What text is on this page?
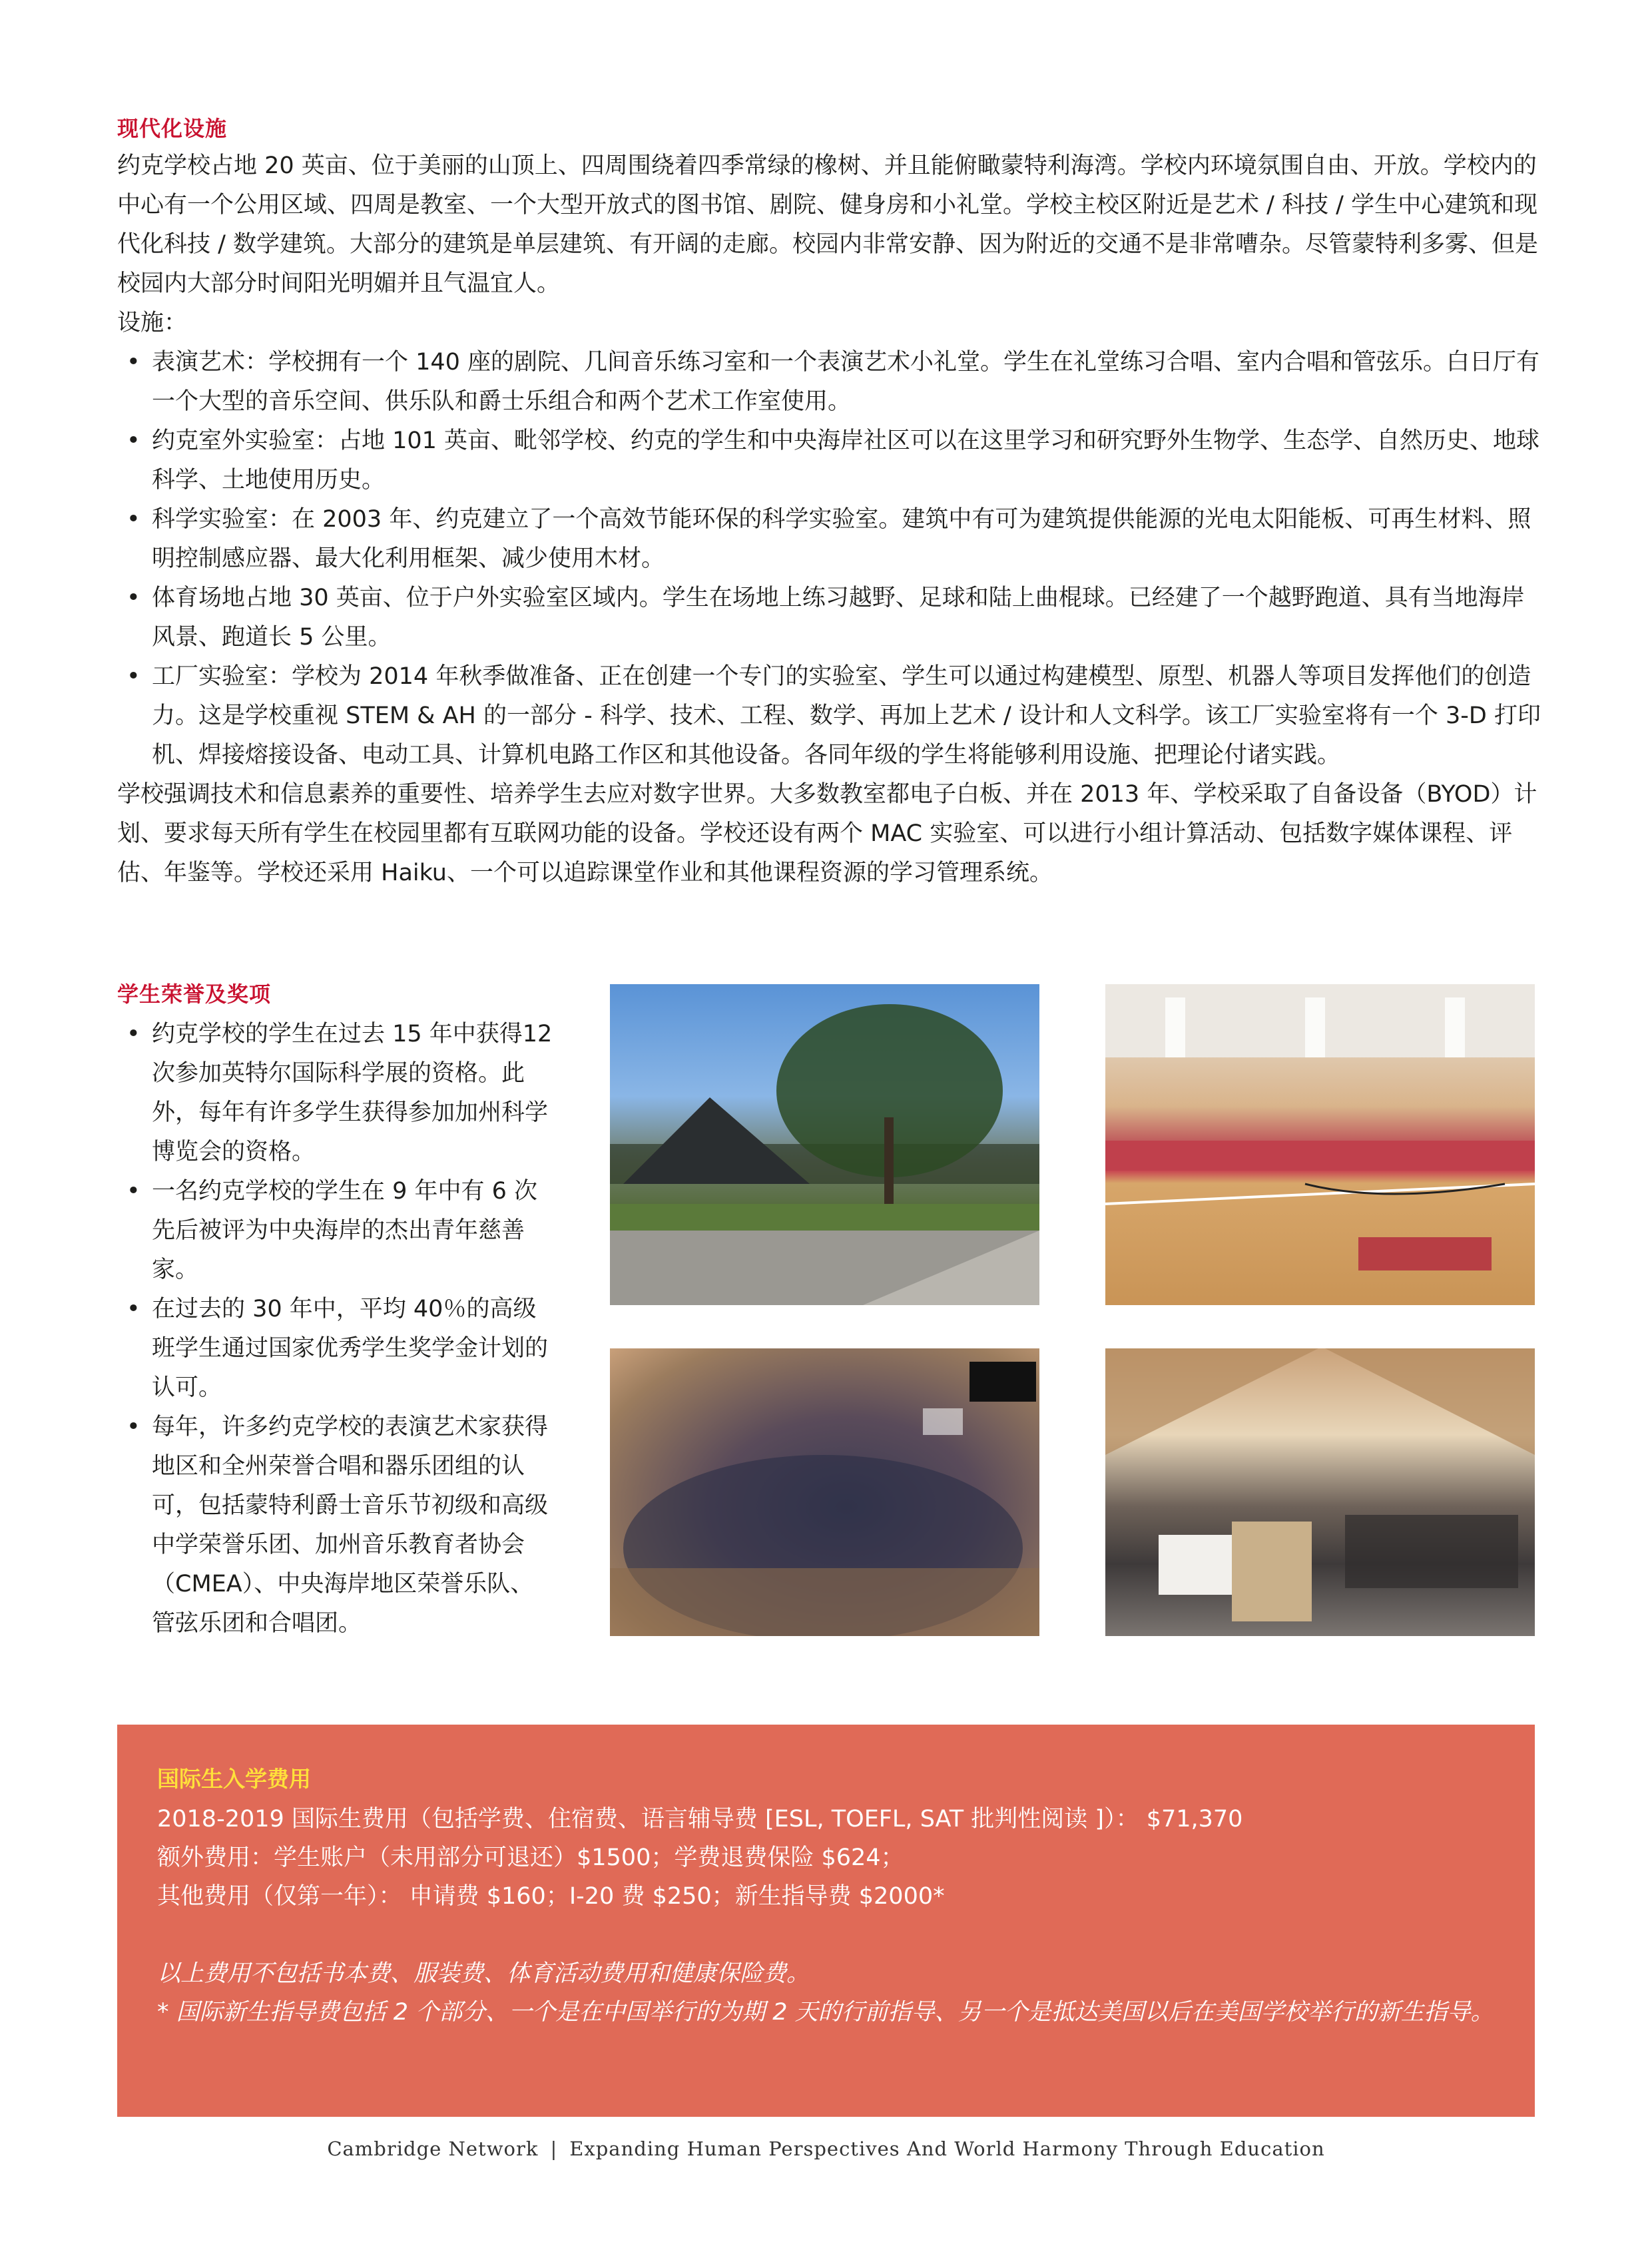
现代化设施
约克学校占地 20 英亩、位于美丽的山顶上、四周围绕着四季常绿的橡树、并且能俯瞰蒙特利海湾。学校内环境氛围自由、开放。学校内的中心有一个公用区域、四周是教室、一个大型开放式的图书馆、剧院、健身房和小礼堂。学校主校区附近是艺术 / 科技 / 学生中心建筑和现代化科技 / 数学建筑。大部分的建筑是单层建筑、有开阔的走廊。校园内非常安静、因为附近的交通不是非常嘈杂。尽管蒙特利多雾、但是校园内大部分时间阳光明媚并且气温宜人。
设施：
• 表演艺术：学校拥有一个 140 座的剧院、几间音乐练习室和一个表演艺术小礼堂。学生在礼堂练习合唱、室内合唱和管弦乐。白日厅有一个大型的音乐空间、供乐队和爵士乐组合和两个艺术工作室使用。
• 约克室外实验室：占地 101 英亩、毗邻学校、约克的学生和中央海岸社区可以在这里学习和研究野外生物学、生态学、自然历史、地球科学、土地使用历史。
• 科学实验室：在 2003 年、约克建立了一个高效节能环保的科学实验室。建筑中有可为建筑提供能源的光电太阳能板、可再生材料、照明控制感应器、最大化利用框架、减少使用木材。
• 体育场地占地 30 英亩、位于户外实验室区域内。学生在场地上练习越野、足球和陆上曲棍球。已经建了一个越野跑道、具有当地海岸风景、跑道长 5 公里。
• 工厂实验室：学校为 2014 年秋季做准备、正在创建一个专门的实验室、学生可以通过构建模型、原型、机器人等项目发挥他们的创造力。这是学校重视 STEM & AH 的一部分 - 科学、技术、工程、数学、再加上艺术 / 设计和人文科学。该工厂实验室将有一个 3-D 打印机、焊接熔接设备、电动工具、计算机电路工作区和其他设备。各同年级的学生将能够利用设施、把理论付诸实践。
学校强调技术和信息素养的重要性、培养学生去应对数字世界。大多数教室都电子白板、并在 2013 年、学校采取了自备设备（BYOD）计划、要求每天所有学生在校园里都有互联网功能的设备。学校还设有两个 MAC 实验室、可以进行小组计算活动、包括数字媒体课程、评估、年鉴等。学校还采用 Haiku、一个可以追踪课堂作业和其他课程资源的学习管理系统。
学生荣誉及奖项
• 约克学校的学生在过去 15 年中获得12次参加英特尔国际科学展的资格。此外，每年有许多学生获得参加加州科学博览会的资格。
• 一名约克学校的学生在 9 年中有 6 次先后被评为中央海岸的杰出青年慈善家。
• 在过去的 30 年中，平均 40％的高级班学生通过国家优秀学生奖学金计划的认可。
• 每年，许多约克学校的表演艺术家获得地区和全州荣誉合唱和器乐团组的认可，包括蒙特利爵士音乐节初级和高级中学荣誉乐团、加州音乐教育者协会（CMEA）、中央海岸地区荣誉乐队、管弦乐团和合唱团。
国际生入学费用
2018-2019 国际生费用（包括学费、住宿费、语言辅导费 [ESL, TOEFL, SAT 批判性阅读 ]）： $71,370
额外费用：学生账户（未用部分可退还）$1500；学费退费保险 $624；
其他费用（仅第一年）： 申请费 $160；I-20 费 $250；新生指导费 $2000*
以上费用不包括书本费、服装费、体育活动费用和健康保险费。
* 国际新生指导费包括 2 个部分、一个是在中国举行的为期 2 天的行前指导、另一个是抵达美国以后在美国学校举行的新生指导。
Cambridge Network | Expanding Human Perspectives And World Harmony Through Education
